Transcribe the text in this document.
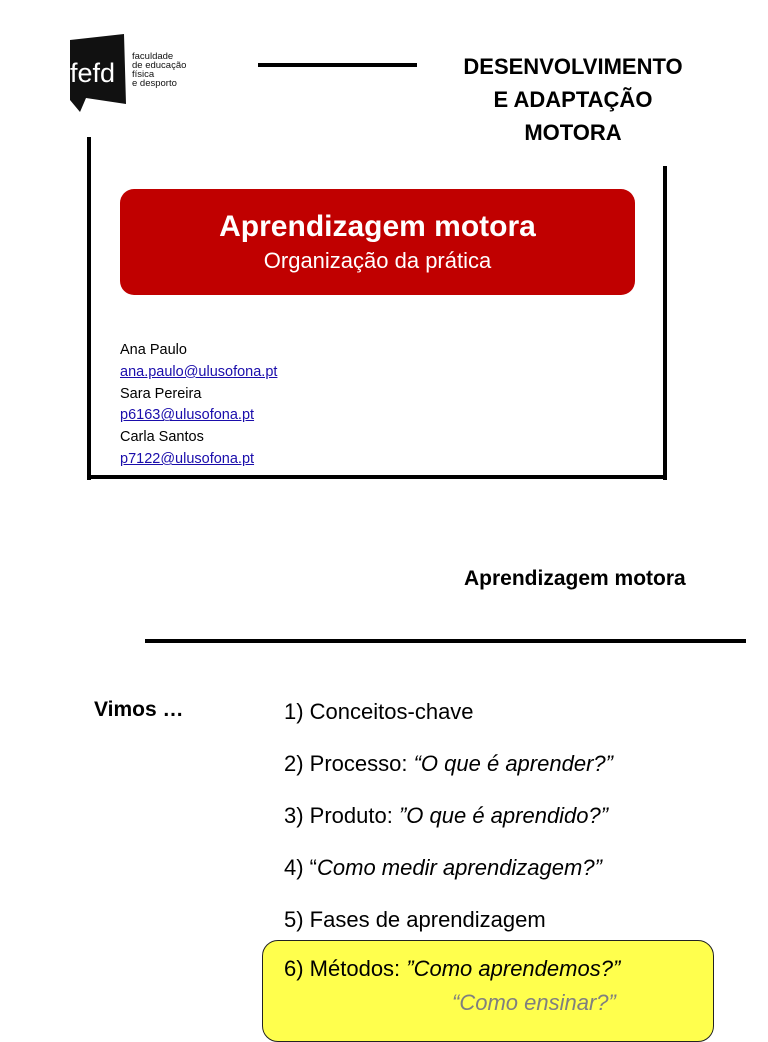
fefd
faculdade
de educação
física
e desporto
DESENVOLVIMENTO
E ADAPTAÇÃO
MOTORA
Aprendizagem motora
Organização da prática
Ana Paulo
ana.paulo@ulusofona.pt
Sara Pereira
p6163@ulusofona.pt
Carla Santos
p7122@ulusofona.pt
Aprendizagem motora
Vimos …	1) Conceitos-chave
2) Processo: “O que é aprender?”
3) Produto: ”O que é aprendido?”
4) “Como medir aprendizagem?”
5) Fases de aprendizagem
6) Métodos: ”Como aprendemos?”
“Como ensinar?”
